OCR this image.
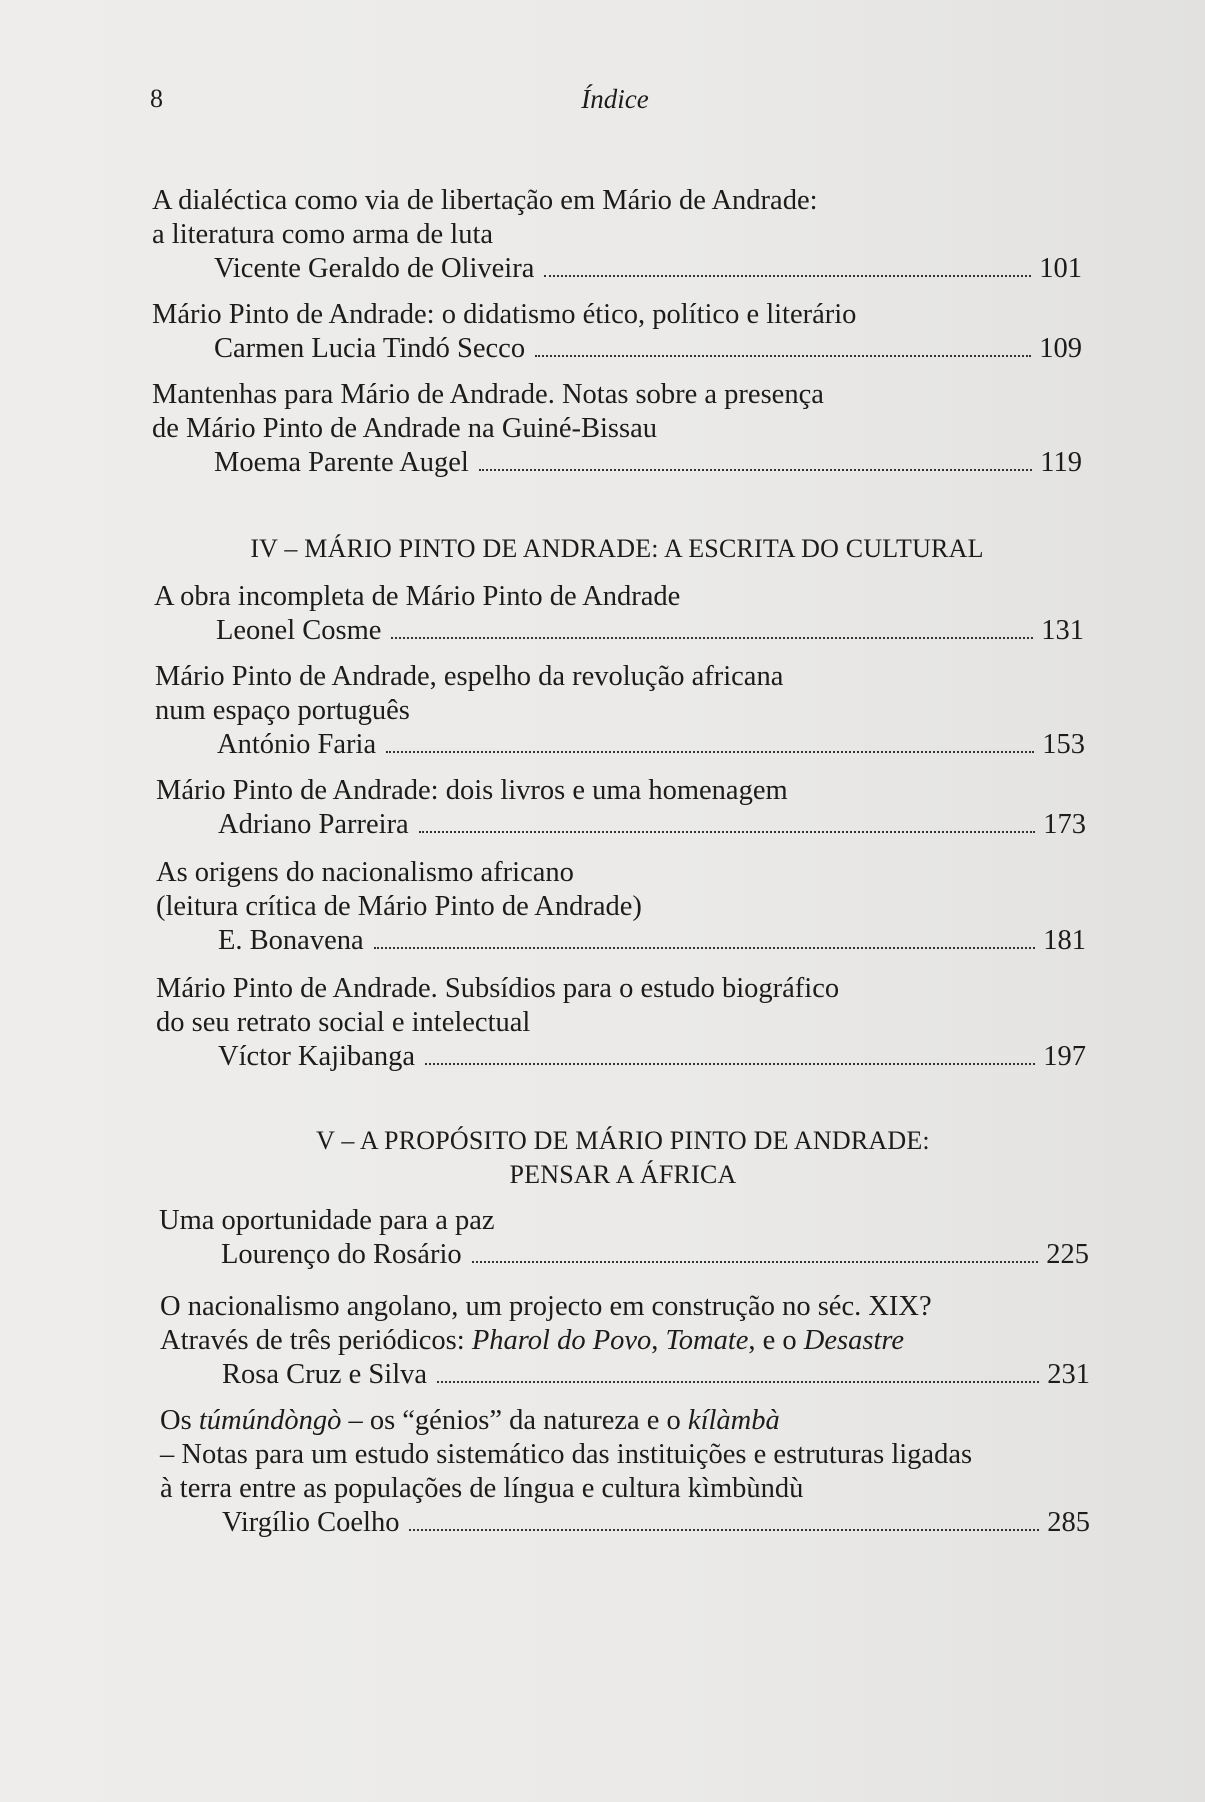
8	Índice
A dialéctica como via de libertação em Mário de Andrade:
a literatura como arma de luta
Vicente Geraldo de Oliveira	101
Mário Pinto de Andrade: o didatismo ético, político e literário
Carmen Lucia Tindó Secco	109
Mantenhas para Mário de Andrade. Notas sobre a presença
de Mário Pinto de Andrade na Guiné-Bissau
Moema Parente Augel	119
IV – MÁRIO PINTO DE ANDRADE: A ESCRITA DO CULTURAL
A obra incompleta de Mário Pinto de Andrade
Leonel Cosme	131
Mário Pinto de Andrade, espelho da revolução africana
num espaço português
António Faria	153
Mário Pinto de Andrade: dois livros e uma homenagem
Adriano Parreira	173
As origens do nacionalismo africano
(leitura crítica de Mário Pinto de Andrade)
E. Bonavena	181
Mário Pinto de Andrade. Subsídios para o estudo biográfico
do seu retrato social e intelectual
Víctor Kajibanga	197
V – A PROPÓSITO DE MÁRIO PINTO DE ANDRADE:
PENSAR A ÁFRICA
Uma oportunidade para a paz
Lourenço do Rosário	225
O nacionalismo angolano, um projecto em construção no séc. XIX?
Através de três periódicos: Pharol do Povo, Tomate, e o Desastre
Rosa Cruz e Silva	231
Os túmúndòngò – os “génios” da natureza e o kílàmbà
– Notas para um estudo sistemático das instituições e estruturas ligadas
à terra entre as populações de língua e cultura kìmbùndù
Virgílio Coelho	285
